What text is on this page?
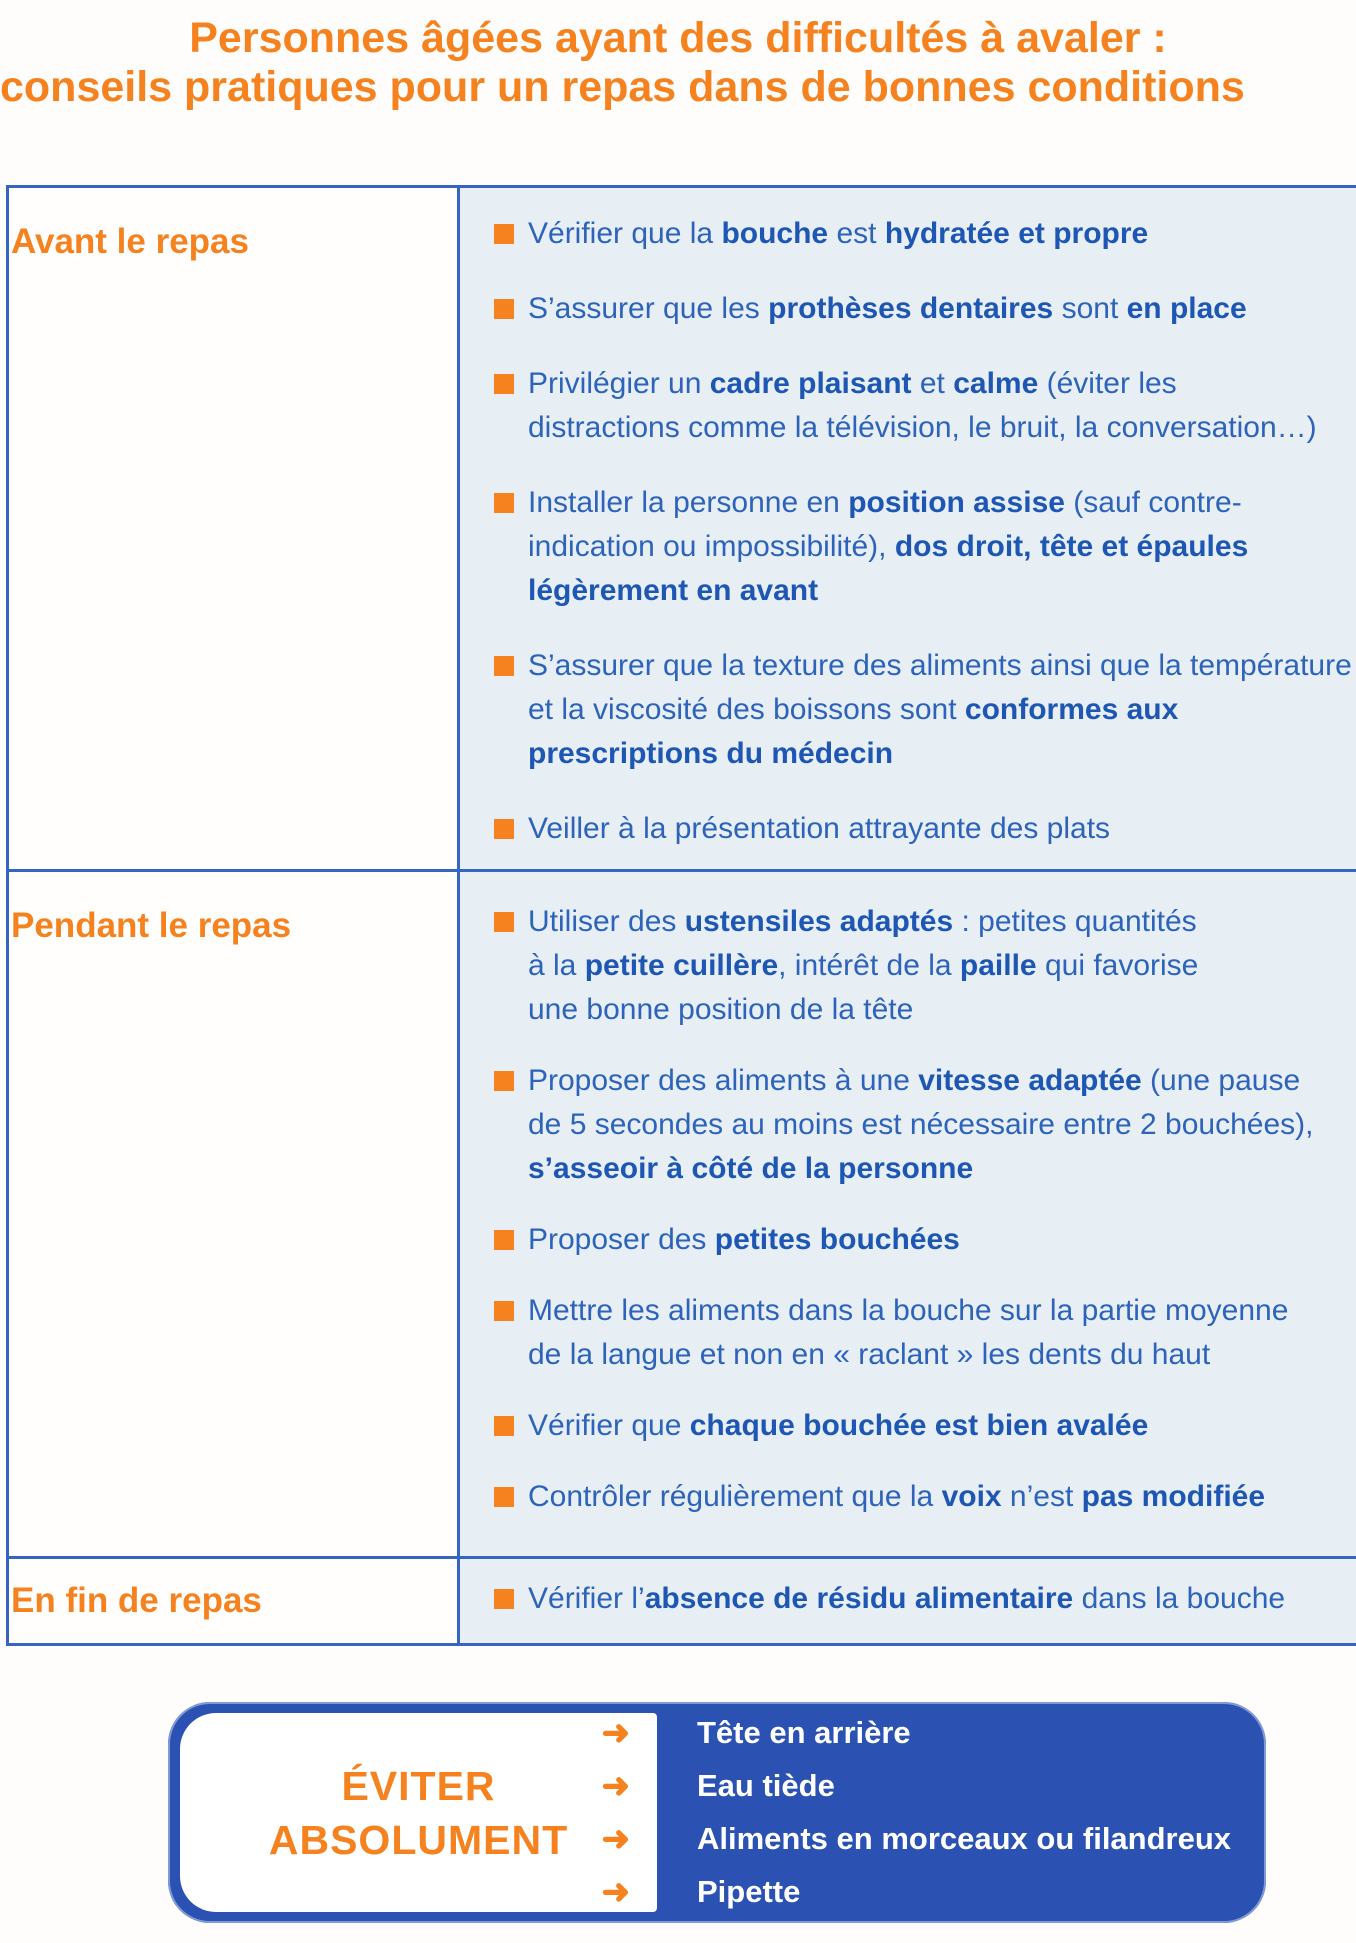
Personnes âgées ayant des difficultés à avaler :
conseils pratiques pour un repas dans de bonnes conditions
Avant le repas	Vérifier que la bouche est hydratée et propre
S’assurer que les prothèses dentaires sont en place
Privilégier un cadre plaisant et calme (éviter les
distractions comme la télévision, le bruit, la conversation…)
Installer la personne en position assise (sauf contre-
indication ou impossibilité), dos droit, tête et épaules
légèrement en avant
S’assurer que la texture des aliments ainsi que la température
et la viscosité des boissons sont conformes aux
prescriptions du médecin
Veiller à la présentation attrayante des plats
Pendant le repas	Utiliser des ustensiles adaptés : petites quantités
à la petite cuillère, intérêt de la paille qui favorise
une bonne position de la tête
Proposer des aliments à une vitesse adaptée (une pause
de 5 secondes au moins est nécessaire entre 2 bouchées),
s’asseoir à côté de la personne
Proposer des petites bouchées
Mettre les aliments dans la bouche sur la partie moyenne
de la langue et non en « raclant » les dents du haut
Vérifier que chaque bouchée est bien avalée
Contrôler régulièrement que la voix n’est pas modifiée
En fin de repas	Vérifier l’absence de résidu alimentaire dans la bouche
ÉVITER
ABSOLUMENT
➜	Tête en arrière
➜	Eau tiède
➜	Aliments en morceaux ou filandreux
➜	Pipette
